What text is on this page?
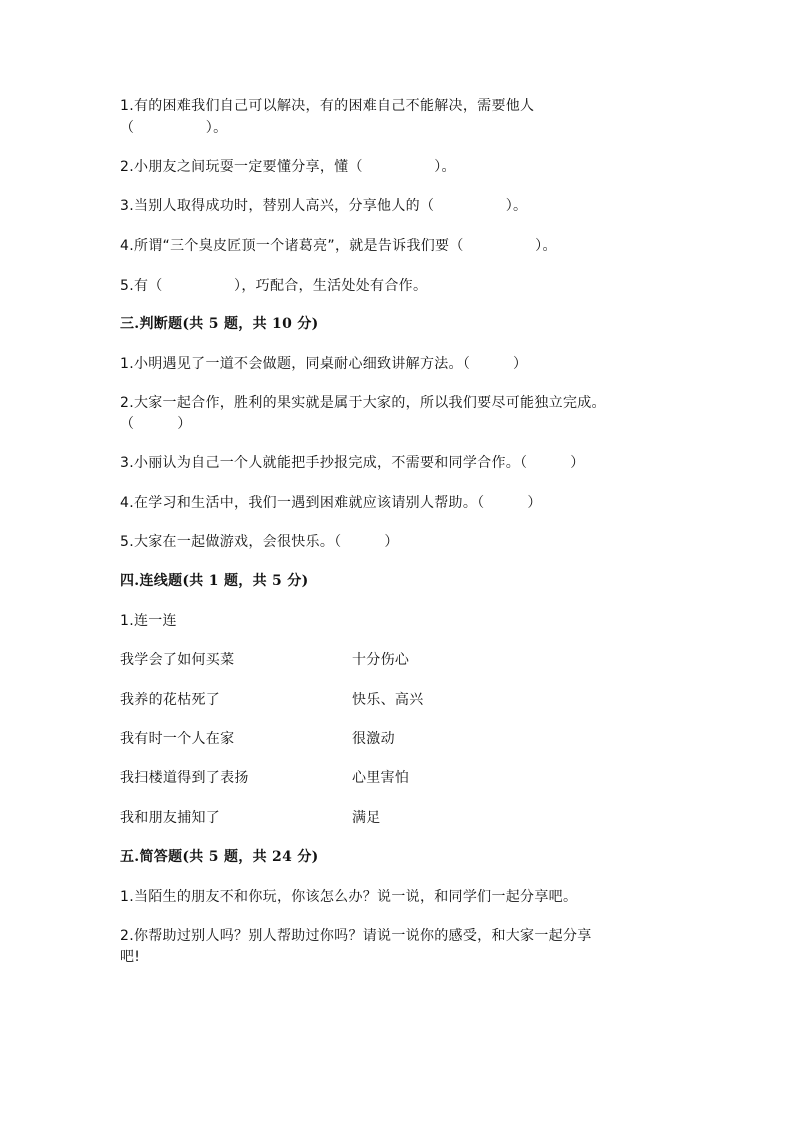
1.有的困难我们自己可以解决，有的困难自己不能解决，需要他人
（　　　　　）。
2.小朋友之间玩耍一定要懂分享，懂（　　　　　）。
3.当别人取得成功时，替别人高兴，分享他人的（　　　　　）。
4.所谓“三个臭皮匠顶一个诸葛亮”，就是告诉我们要（　　　　　）。
5.有（　　　　　），巧配合，生活处处有合作。
三.判断题(共 5 题，共 10 分)
1.小明遇见了一道不会做题，同桌耐心细致讲解方法。（　　　）
2.大家一起合作，胜利的果实就是属于大家的，所以我们要尽可能独立完成。
（　　　）
3.小丽认为自己一个人就能把手抄报完成，不需要和同学合作。（　　　）
4.在学习和生活中，我们一遇到困难就应该请别人帮助。（　　　）
5.大家在一起做游戏，会很快乐。（　　　）
四.连线题(共 1 题，共 5 分)
1.连一连
我学会了如何买菜	十分伤心
我养的花枯死了	快乐、高兴
我有时一个人在家	很激动
我扫楼道得到了表扬	心里害怕
我和朋友捕知了	满足
五.简答题(共 5 题，共 24 分)
1.当陌生的朋友不和你玩，你该怎么办？说一说，和同学们一起分享吧。
2.你帮助过别人吗？别人帮助过你吗？请说一说你的感受，和大家一起分享
吧!
